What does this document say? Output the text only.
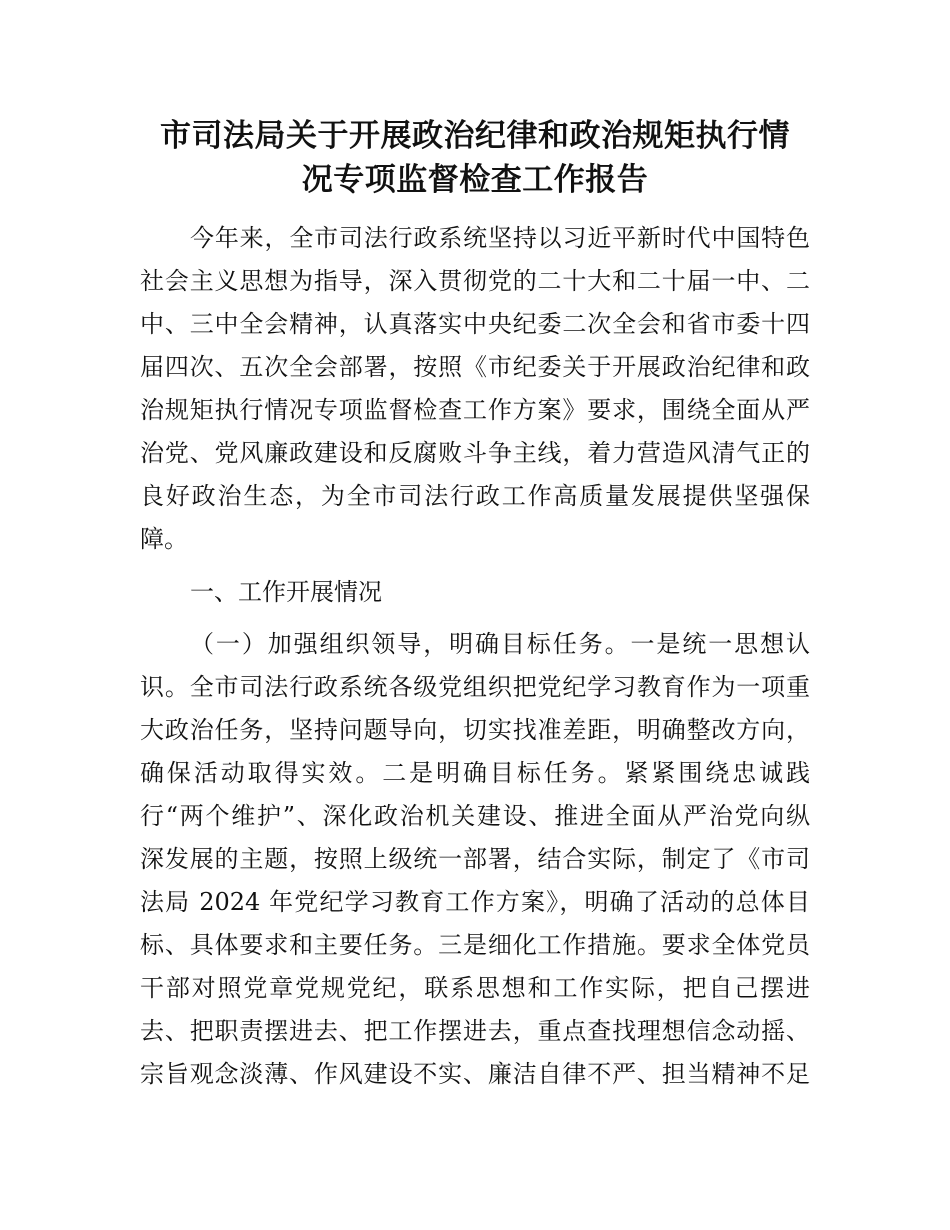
市司法局关于开展政治纪律和政治规矩执行情
况专项监督检查工作报告
今年来，全市司法行政系统坚持以习近平新时代中国特色
社会主义思想为指导，深入贯彻党的二十大和二十届一中、二
中、三中全会精神，认真落实中央纪委二次全会和省市委十四
届四次、五次全会部署，按照《市纪委关于开展政治纪律和政
治规矩执行情况专项监督检查工作方案》要求，围绕全面从严
治党、党风廉政建设和反腐败斗争主线，着力营造风清气正的
良好政治生态，为全市司法行政工作高质量发展提供坚强保
障。
一、工作开展情况
（一）加强组织领导，明确目标任务。一是统一思想认
识。全市司法行政系统各级党组织把党纪学习教育作为一项重
大政治任务，坚持问题导向，切实找准差距，明确整改方向，
确保活动取得实效。二是明确目标任务。紧紧围绕忠诚践
行“两个维护”、深化政治机关建设、推进全面从严治党向纵
深发展的主题，按照上级统一部署，结合实际，制定了《市司
法局 2024 年党纪学习教育工作方案》，明确了活动的总体目
标、具体要求和主要任务。三是细化工作措施。要求全体党员
干部对照党章党规党纪，联系思想和工作实际，把自己摆进
去、把职责摆进去、把工作摆进去，重点查找理想信念动摇、
宗旨观念淡薄、作风建设不实、廉洁自律不严、担当精神不足
